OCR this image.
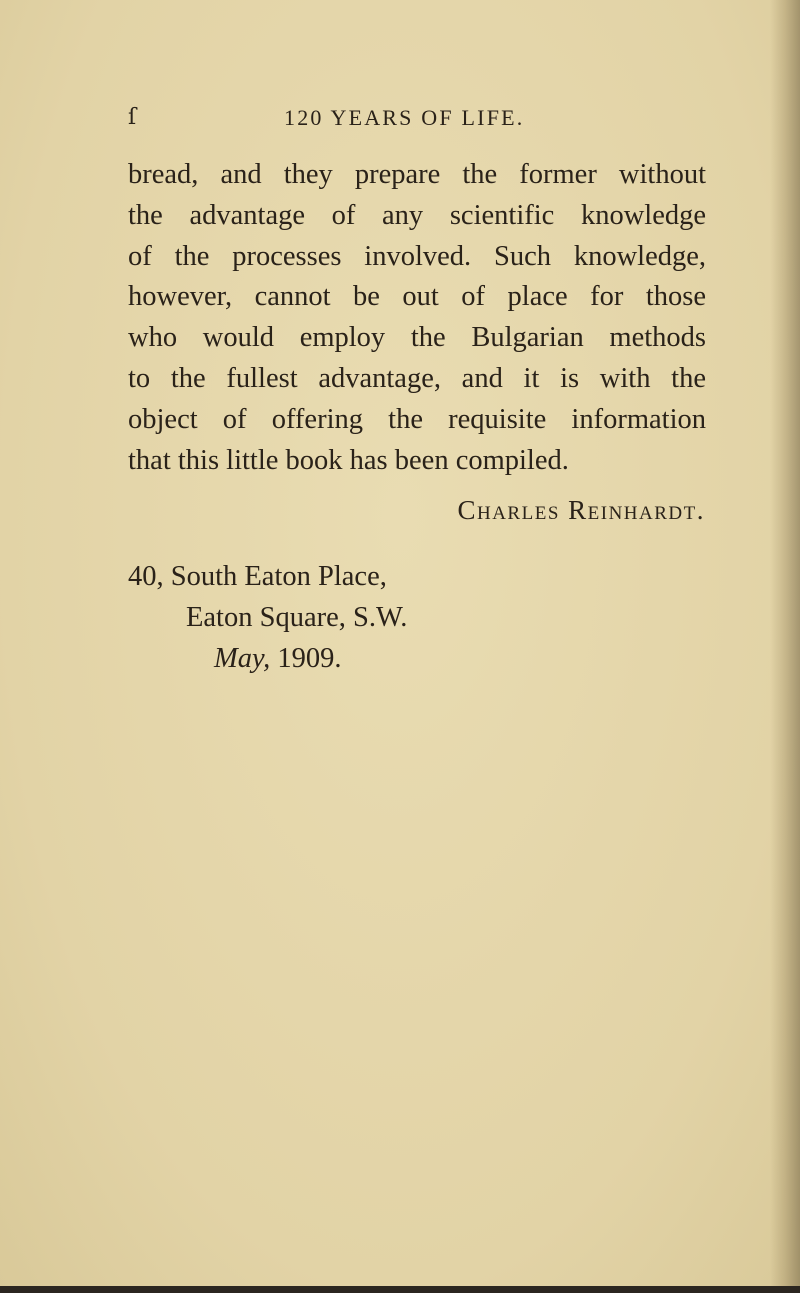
ſ	120 YEARS OF LIFE.
bread, and they prepare the former without
the advantage of any scientific knowledge
of the processes involved. Such knowledge,
however, cannot be out of place for those
who would employ the Bulgarian methods
to the fullest advantage, and it is with the
object of offering the requisite information
that this little book has been compiled.
Charles Reinhardt.
40, South Eaton Place,
Eaton Square, S.W.
May, 1909.
